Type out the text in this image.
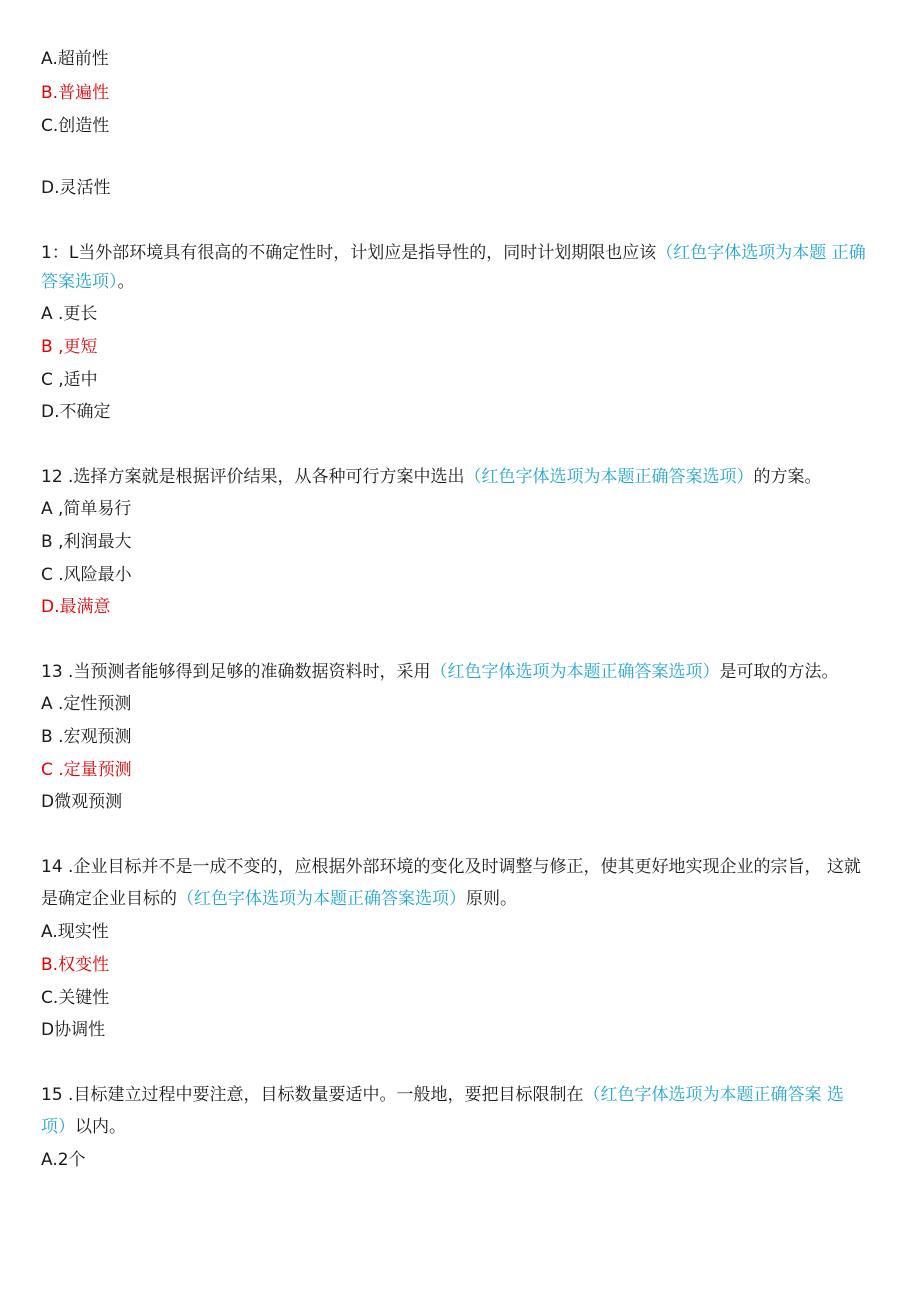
A.超前性
B.普遍性
C.创造性
D.灵活性
1：L当外部环境具有很高的不确定性时，计划应是指导性的，同时计划期限也应该（红色字体选项为本题 正确
答案选项）。
A .更长
B ,更短
C ,适中
D.不确定
12 .选择方案就是根据评价结果，从各种可行方案中选出（红色字体选项为本题正确答案选项）的方案。
A ,简单易行
B ,利润最大
C .风险最小
D.最满意
13 .当预测者能够得到足够的准确数据资料时，采用（红色字体选项为本题正确答案选项）是可取的方法。
A .定性预测
B .宏观预测
C .定量预测
D微观预测
14 .企业目标并不是一成不变的，应根据外部环境的变化及时调整与修正，使其更好地实现企业的宗旨， 这就
是确定企业目标的（红色字体选项为本题正确答案选项）原则。
A.现实性
B.权变性
C.关键性
D协调性
15 .目标建立过程中要注意，目标数量要适中。一般地，要把目标限制在（红色字体选项为本题正确答案 选
项）以内。
A.2个
